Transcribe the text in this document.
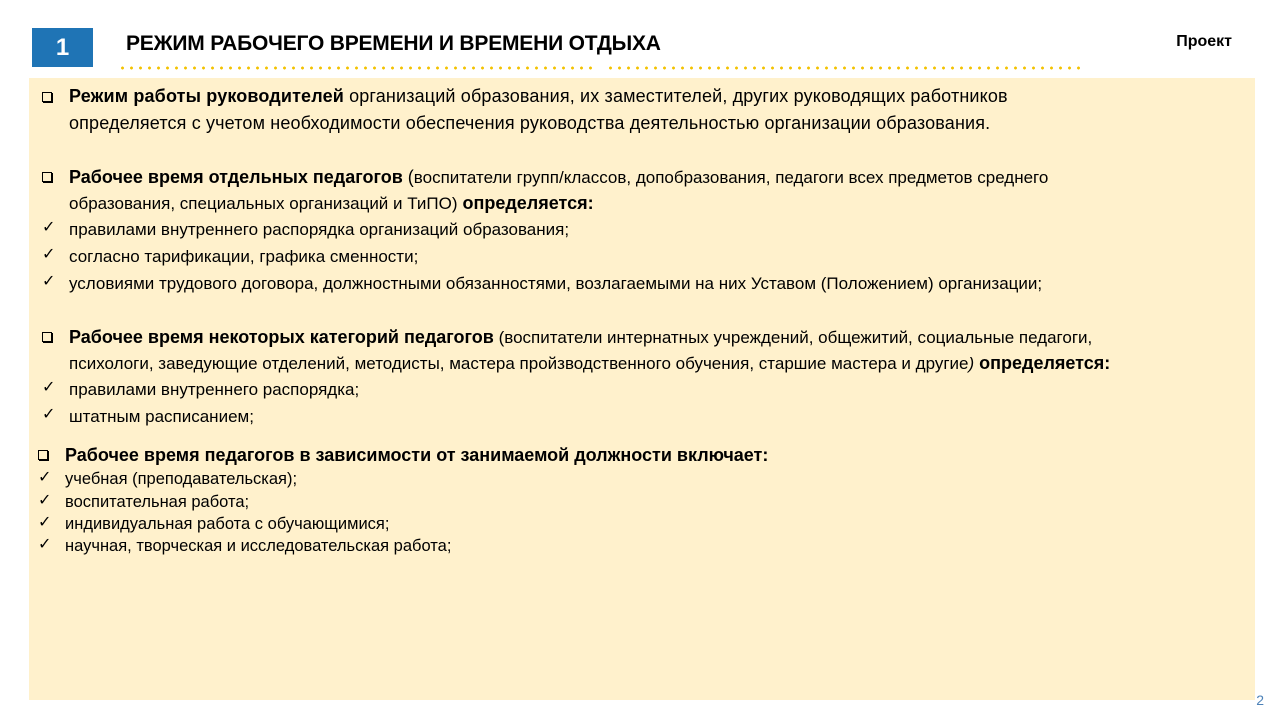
1	РЕЖИМ РАБОЧЕГО ВРЕМЕНИ И ВРЕМЕНИ ОТДЫХА	Проект
Режим работы руководителей организаций образования, их заместителей, других руководящих работников
определяется с учетом необходимости обеспечения руководства деятельностью организации образования.
Рабочее время отдельных педагогов (воспитатели групп/классов, допобразования, педагоги всех предметов среднего
образования, специальных организаций и ТиПО) определяется:
✓ правилами внутреннего распорядка организаций образования;
✓ согласно тарификации, графика сменности;
✓ условиями трудового договора, должностными обязанностями, возлагаемыми на них Уставом (Положением) организации;
Рабочее время некоторых категорий педагогов (воспитатели интернатных учреждений, общежитий, социальные педагоги,
психологи, заведующие отделений, методисты, мастера пройзводственного обучения, старшие мастера и другие) определяется:
✓ правилами внутреннего распорядка;
✓ штатным расписанием;
Рабочее время педагогов в зависимости от занимаемой должности включает:
✓ учебная (преподавательская);
✓ воспитательная работа;
✓ индивидуальная работа с обучающимися;
✓ научная, творческая и исследовательская работа;
2
